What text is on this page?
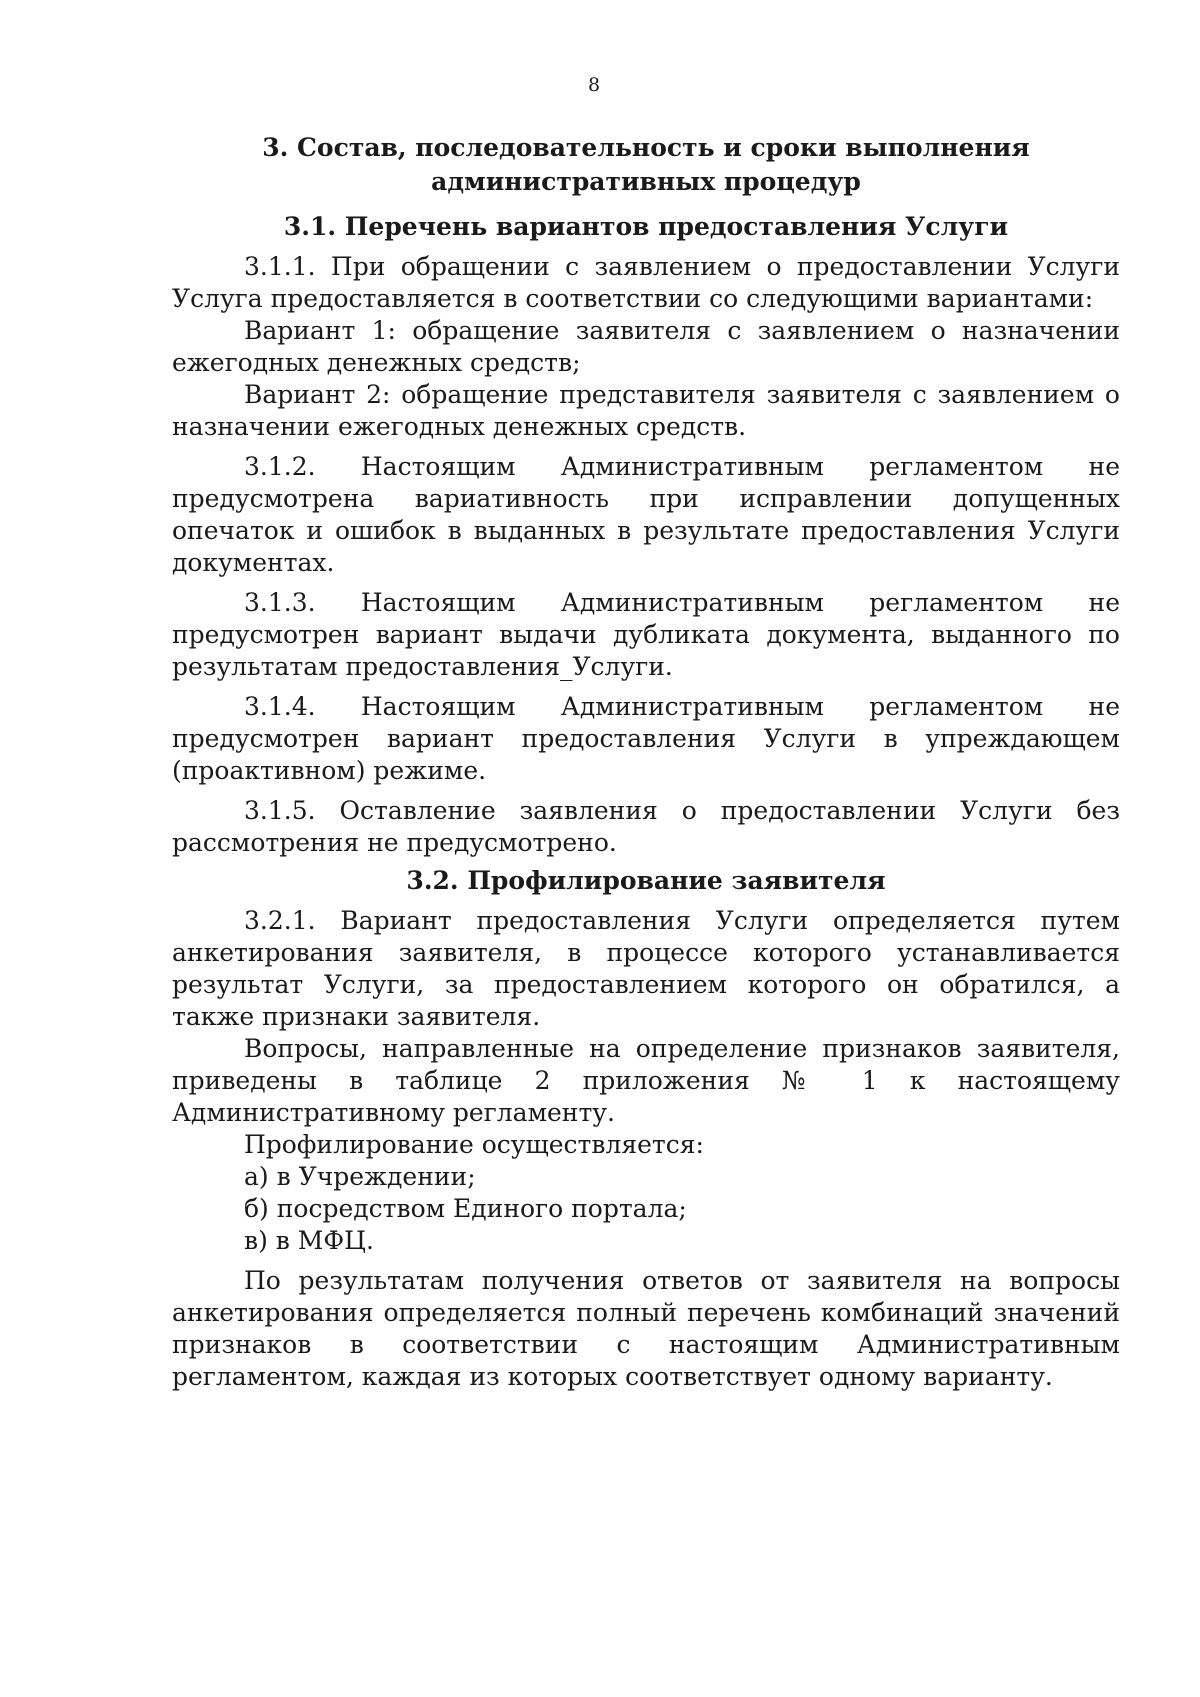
8
3. Состав, последовательность и сроки выполнения административных процедур
3.1. Перечень вариантов предоставления Услуги

3.1.1. При обращении с заявлением о предоставлении Услуги Услуга предоставляется в соответствии со следующими вариантами:

Вариант 1: обращение заявителя с заявлением о назначении ежегодных денежных средств;

Вариант 2: обращение представителя заявителя с заявлением о назначении ежегодных денежных средств.

3.1.2. Настоящим Административным регламентом не предусмотрена вариативность при исправлении допущенных опечаток и ошибок в выданных в результате предоставления Услуги документах.

3.1.3. Настоящим Административным регламентом не предусмотрен вариант выдачи дубликата документа, выданного по результатам предоставления_Услуги.

3.1.4. Настоящим Административным регламентом не предусмотрен вариант предоставления Услуги в упреждающем (проактивном) режиме.

3.1.5. Оставление заявления о предоставлении Услуги без рассмотрения не предусмотрено.

3.2. Профилирование заявителя

3.2.1. Вариант предоставления Услуги определяется путем анкетирования заявителя, в процессе которого устанавливается результат Услуги, за предоставлением которого он обратился, а также признаки заявителя.

Вопросы, направленные на определение признаков заявителя, приведены в таблице 2 приложения № 1 к настоящему Административному регламенту.

Профилирование осуществляется:

а) в Учреждении;

б) посредством Единого портала;

в) в МФЦ.

По результатам получения ответов от заявителя на вопросы анкетирования определяется полный перечень комбинаций значений признаков в соответствии с настоящим Административным регламентом, каждая из которых соответствует одному варианту.
